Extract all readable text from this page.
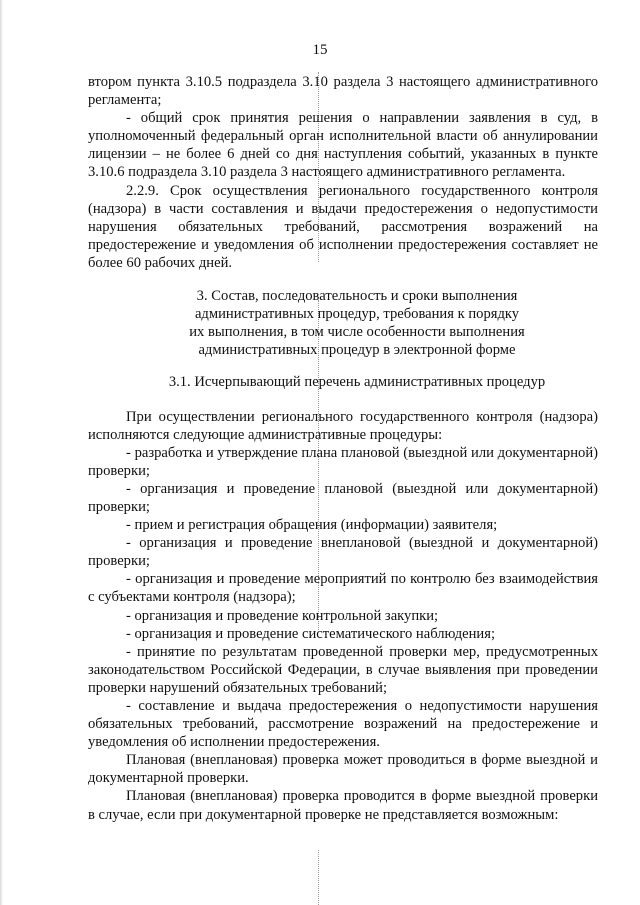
15

втором пункта 3.10.5 подраздела 3.10 раздела 3 настоящего административного регламента;

- общий срок принятия решения о направлении заявления в суд, в уполномоченный федеральный орган исполнительной власти об аннулировании лицензии – не более 6 дней со дня наступления событий, указанных в пункте 3.10.6 подраздела 3.10 раздела 3 настоящего административного регламента.

2.2.9. Срок осуществления регионального государственного контроля (надзора) в части составления и выдачи предостережения о недопустимости нарушения обязательных требований, рассмотрения возражений на предостережение и уведомления об исполнении предостережения составляет не более 60 рабочих дней.

3. Состав, последовательность и сроки выполнения
административных процедур, требования к порядку
их выполнения, в том числе особенности выполнения
административных процедур в электронной форме
3.1. Исчерпывающий перечень административных процедур

При осуществлении регионального государственного контроля (надзора) исполняются следующие административные процедуры:

- разработка и утверждение плана плановой (выездной или документарной) проверки;

- организация и проведение плановой (выездной или документарной) проверки;

- прием и регистрация обращения (информации) заявителя;

- организация и проведение внеплановой (выездной и документарной) проверки;

- организация и проведение мероприятий по контролю без взаимодействия с субъектами контроля (надзора);

- организация и проведение контрольной закупки;

- организация и проведение систематического наблюдения;

- принятие по результатам проведенной проверки мер, предусмотренных законодательством Российской Федерации, в случае выявления при проведении проверки нарушений обязательных требований;

- составление и выдача предостережения о недопустимости нарушения обязательных требований, рассмотрение возражений на предостережение и уведомления об исполнении предостережения.

Плановая (внеплановая) проверка может проводиться в форме выездной и документарной проверки.

Плановая (внеплановая) проверка проводится в форме выездной проверки в случае, если при документарной проверке не представляется возможным:
